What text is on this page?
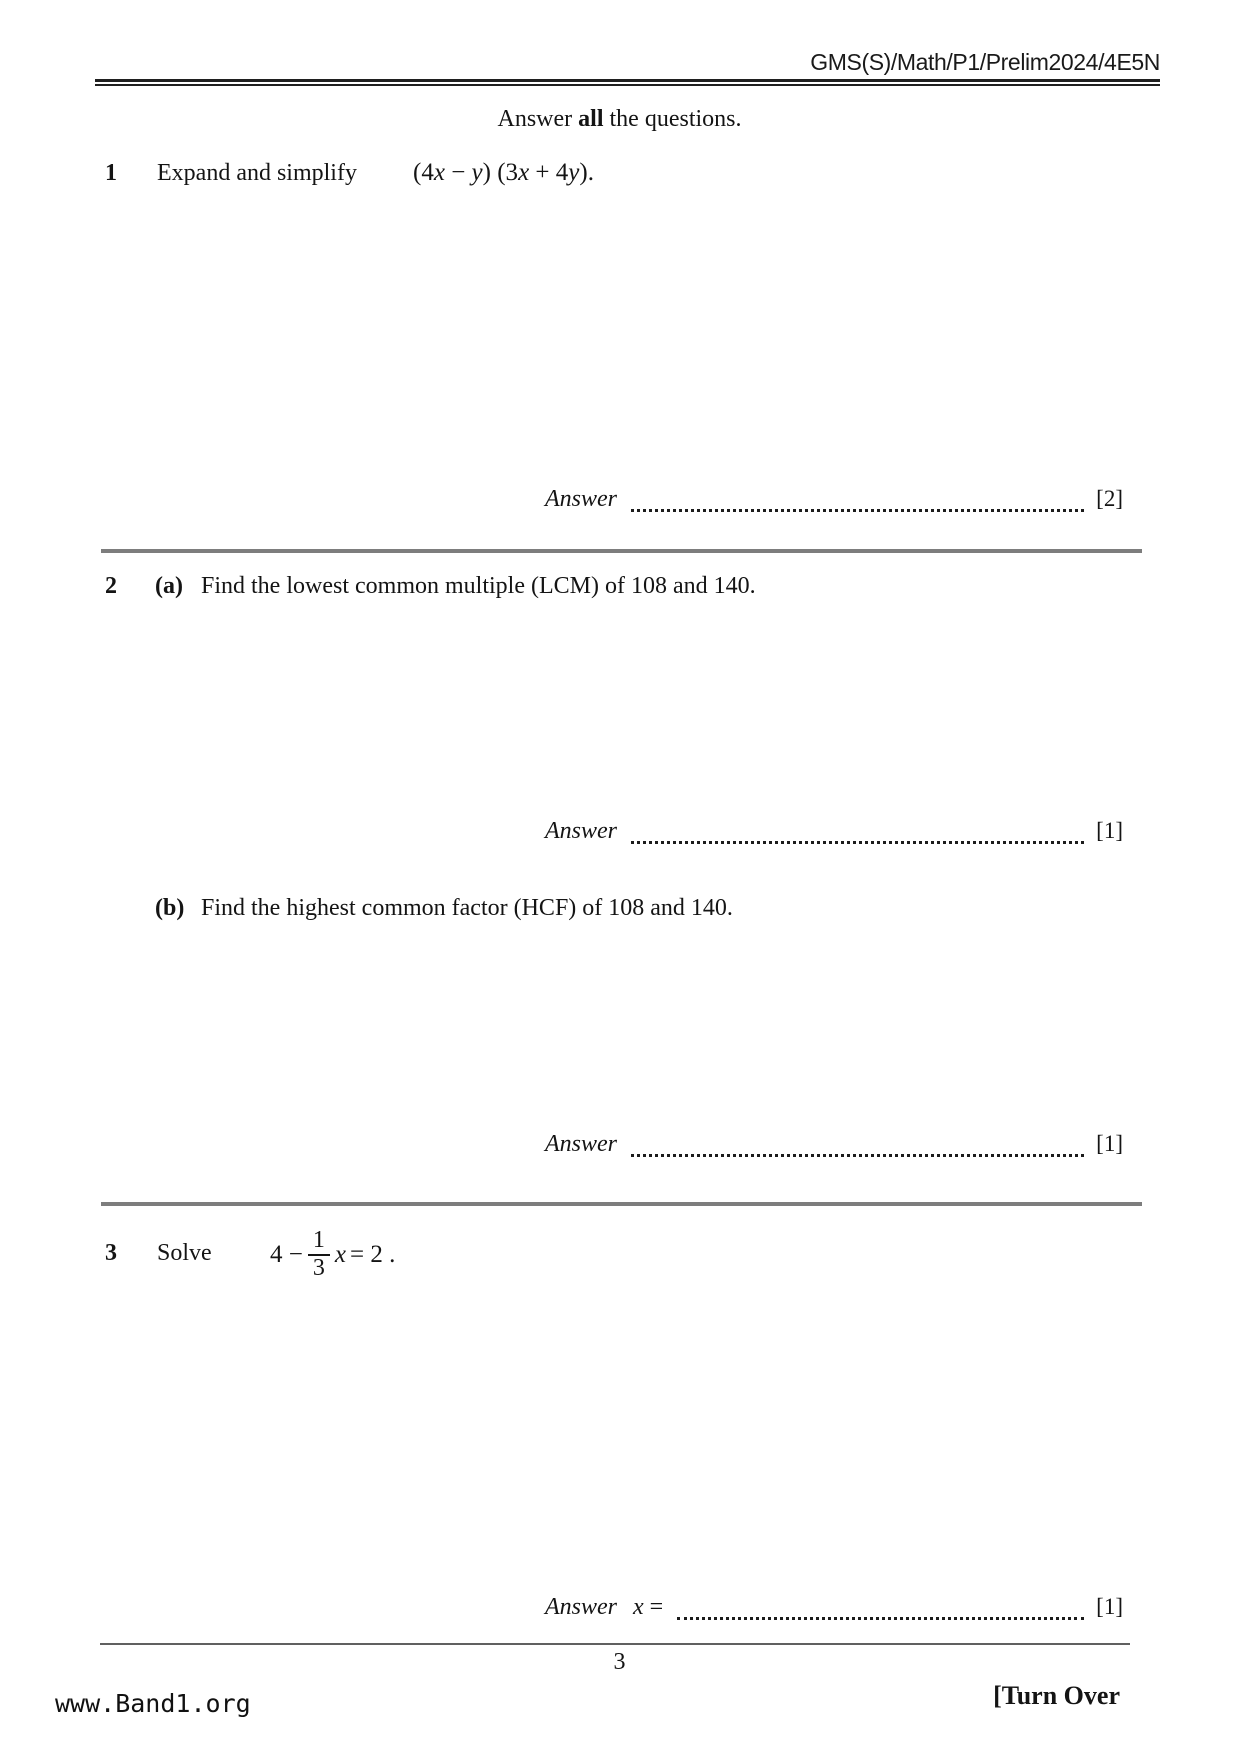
GMS(S)/Math/P1/Prelim2024/4E5N
Answer all the questions.
1 Expand and simplify (4x − y) (3x + 4y).
Answer	[2]
2 (a) Find the lowest common multiple (LCM) of 108 and 140.
Answer	[1]
(b) Find the highest common factor (HCF) of 108 and 140.
Answer	[1]
3 Solve $4 - \frac{1}{3}$ x = 2 .
Answer x =	[1]
3
www.Band1.org	[Turn Over
